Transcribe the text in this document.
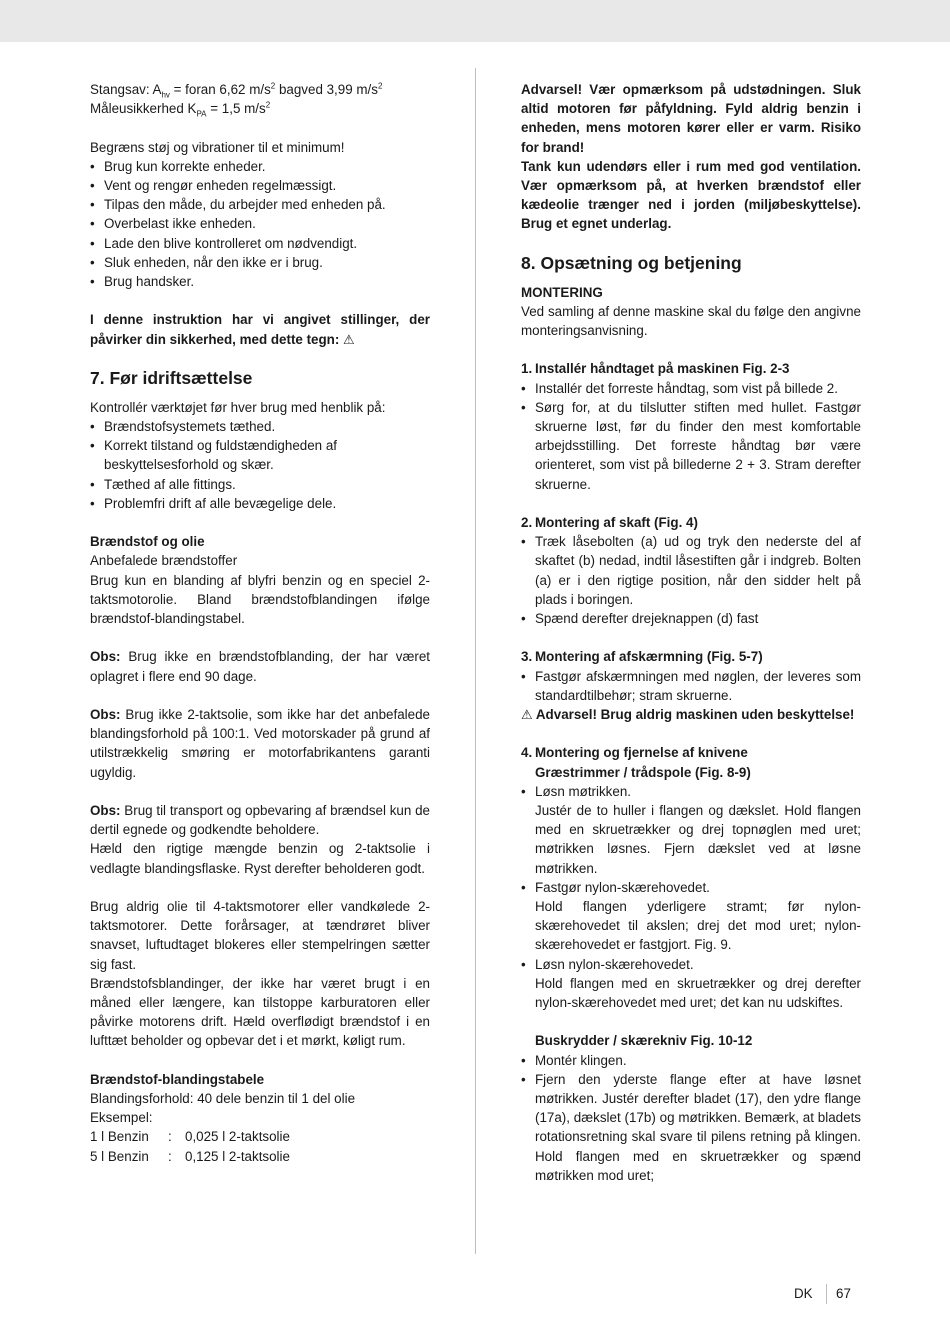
Stangsav: $A_{hv}$ = foran 6,62 $m/s^2$ bagved 3,99 $m/s^2$

Måleusikkerhed $K_{PA} = 1,5$ $m/s^2$

Begræns støj og vibrationer til et minimum!

• Brug kun korrekte enheder.
• Vent og rengør enheden regelmæssigt.
• Tilpas den måde, du arbejder med enheden på.
• Overbelast ikke enheden.
• Lade den blive kontrolleret om nødvendigt.
• Sluk enheden, når den ikke er i brug.
• Brug handsker.

I denne instruktion har vi angivet stillinger, der påvirker din sikkerhed, med dette tegn: ⚠

7. Før idriftsættelse

Kontrollér værktøjet før hver brug med henblik på:

• Brændstofsystemets tæthed.
• Korrekt tilstand og fuldstændigheden af beskyttelsesforhold og skær.
• Tæthed af alle fittings.
• Problemfri drift af alle bevægelige dele.

Brændstof og olie

Anbefalede brændstoffer

Brug kun en blanding af blyfri benzin og en speciel 2-taktsmotorolie. Bland brændstofblandingen ifølge brændstof-blandingstabel.

Obs: Brug ikke en brændstofblanding, der har været oplagret i flere end 90 dage.

Obs: Brug ikke 2-taktsolie, som ikke har det anbefalede blandingsforhold på 100:1. Ved motorskader på grund af utilstrækkelig smøring er motorfabrikantens garanti ugyldig.

Obs: Brug til transport og opbevaring af brændsel kun de dertil egnede og godkendte beholdere.

Hæld den rigtige mængde benzin og 2-taktsolie i vedlagte blandingsflaske. Ryst derefter beholderen godt.

Brug aldrig olie til 4-taktsmotorer eller vandkølede 2-taktsmotorer. Dette forårsager, at tændrøret bliver snavset, luftudtaget blokeres eller stempelringen sætter sig fast.

Brændstofsblandinger, der ikke har været brugt i en måned eller længere, kan tilstoppe karburatoren eller påvirke motorens drift. Hæld overflødigt brændstof i en lufttæt beholder og opbevar det i et mørkt, køligt rum.

Brændstof-blandingstabele

Blandingsforhold: 40 dele benzin til 1 del olie

Eksempel:

1 l Benzin	: 0,025 l 2-taktsolie
5 l Benzin	: 0,125 l 2-taktsolie

Advarsel! Vær opmærksom på udstødningen. Sluk altid motoren før påfyldning. Fyld aldrig benzin i enheden, mens motoren kører eller er varm. Risiko for brand!

Tank kun udendørs eller i rum med god ventilation. Vær opmærksom på, at hverken brændstof eller kædeolie trænger ned i jorden (miljøbeskyttelse). Brug et egnet underlag.

8. Opsætning og betjening

MONTERING

Ved samling af denne maskine skal du følge den angivne monteringsanvisning.

1. Installér håndtaget på maskinen Fig. 2-3
• Installér det forreste håndtag, som vist på billede 2.
• Sørg for, at du tilslutter stiften med hullet. Fastgør skruerne løst, før du finder den mest komfortable arbejdsstilling. Det forreste håndtag bør være orienteret, som vist på billederne 2 + 3. Stram derefter skruerne.
2. Montering af skaft (Fig. 4)
• Træk låsebolten (a) ud og tryk den nederste del af skaftet (b) nedad, indtil låsestiften går i indgreb. Bolten (a) er i den rigtige position, når den sidder helt på plads i boringen.
• Spænd derefter drejeknappen (d) fast
3. Montering af afskærmning (Fig. 5-7)
• Fastgør afskærmningen med nøglen, der leveres som standardtilbehør; stram skruerne.

⚠ Advarsel! Brug aldrig maskinen uden beskyttelse!

4. Montering og fjernelse af knivene

Græstrimmer / trådspole (Fig. 8-9)

• Løsn møtrikken.
Justér de to huller i flangen og dækslet. Hold flangen med en skruetrækker og drej topnøglen med uret; møtrikken løsnes. Fjern dækslet ved at løsne møtrikken.
• Fastgør nylon-skærehovedet.
Hold flangen yderligere stramt; før nylon-skærehovedet til akslen; drej det mod uret; nylon-skærehovedet er fastgjort. Fig. 9.
• Løsn nylon-skærehovedet.
Hold flangen med en skruetrækker og drej derefter nylon-skærehovedet med uret; det kan nu udskiftes.

Buskrydder / skærekniv Fig. 10-12

• Montér klingen.
• Fjern den yderste flange efter at have løsnet møtrikken. Justér derefter bladet (17), den ydre flange (17a), dækslet (17b) og møtrikken. Bemærk, at bladets rotationsretning skal svare til pilens retning på klingen. Hold flangen med en skruetrækker og spænd møtrikken mod uret;
DK 67
